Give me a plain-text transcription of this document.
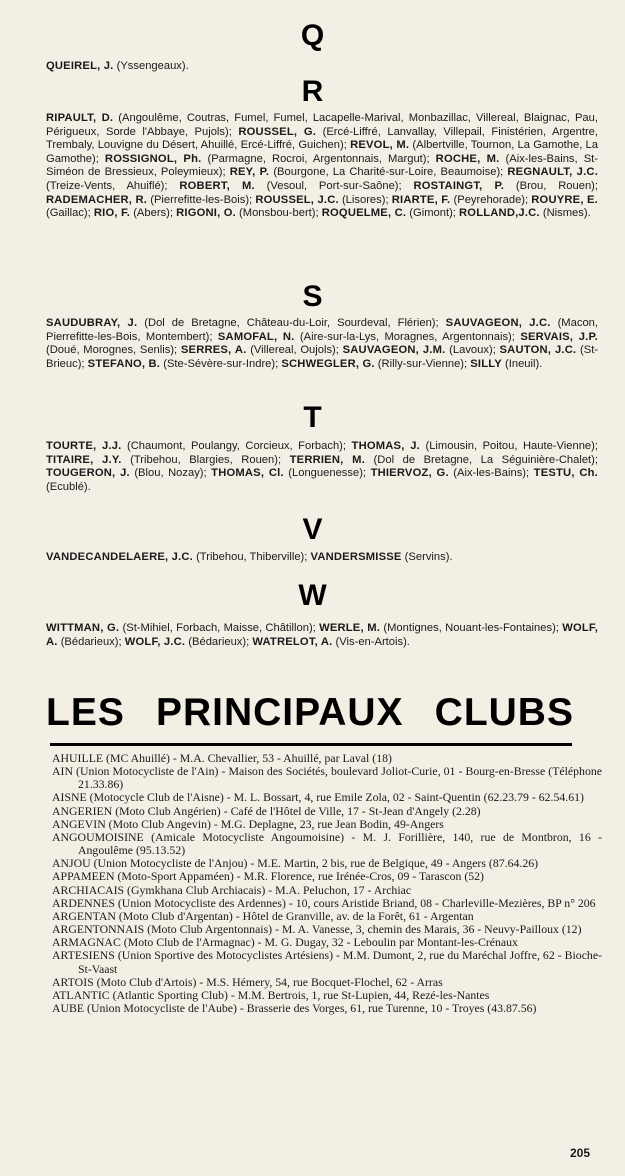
Q

QUEIREL, J. (Yssengeaux).

R

RIPAULT, D. (Angoulême, Coutras, Fumel, Fumel, Lacapelle-Marival, Monbazillac, Villereal, Blaignac, Pau, Périgueux, Sorde l'Abbaye, Pujols); ROUSSEL, G. (Ercé-Liffré, Lanvallay, Villepail, Finistérien, Argentre, Trembaly, Louvigne du Désert, Ahuillé, Ercé-Liffré, Guichen); REVOL, M. (Albertville, Tournon, La Gamothe, La Gamothe); ROSSIGNOL, Ph. (Parmagne, Rocroi, Argentonnais, Margut); ROCHE, M. (Aix-les-Bains, St-Siméon de Bressieux, Poleymieux); REY, P. (Bourgone, La Charité-sur-Loire, Beaumoise); REGNAULT, J.C. (Treize-Vents, Ahuiflé); ROBERT, M. (Vesoul, Port-sur-Saône); ROSTAINGT, P. (Brou, Rouen); RADEMACHER, R. (Pierrefitte-les-Bois); ROUSSEL, J.C. (Lisores); RIARTE, F. (Peyrehorade); ROUYRE, E. (Gaillac); RIO, F. (Abers); RIGONI, O. (Monsbou-bert); ROQUELME, C. (Gimont); ROLLAND,J.C. (Nismes).

S

SAUDUBRAY, J. (Dol de Bretagne, Château-du-Loir, Sourdeval, Flérien); SAUVAGEON, J.C. (Macon, Pierrefitte-les-Bois, Montembert); SAMOFAL, N. (Aire-sur-la-Lys, Moragnes, Argentonnais); SERVAIS, J.P. (Doué, Morognes, Senlis); SERRES, A. (Villereal, Oujols); SAUVAGEON, J.M. (Lavoux); SAUTON, J.C. (St-Brieuc); STEFANO, B. (Ste-Sévère-sur-Indre); SCHWEGLER, G. (Rilly-sur-Vienne); SILLY (Ineuil).

T

TOURTE, J.J. (Chaumont, Poulangy, Corcieux, Forbach); THOMAS, J. (Limousin, Poitou, Haute-Vienne); TITAIRE, J.Y. (Tribehou, Blargies, Rouen); TERRIEN, M. (Dol de Bretagne, La Séguinière-Chalet); TOUGERON, J. (Blou, Nozay); THOMAS, Cl. (Longuenesse); THIERVOZ, G. (Aix-les-Bains); TESTU, Ch. (Ecublé).

V

VANDECANDELAERE, J.C. (Tribehou, Thiberville); VANDERSMISSE (Servins).

W

WITTMAN, G. (St-Mihiel, Forbach, Maisse, Châtillon); WERLE, M. (Montignes, Nouant-les-Fontaines); WOLF, A. (Bédarieux); WOLF, J.C. (Bédarieux); WATRELOT, A. (Vis-en-Artois).

LES PRINCIPAUX CLUBS

AHUILLE (MC Ahuillé) - M.A. Chevallier, 53 - Ahuillé, par Laval (18)

AIN (Union Motocycliste de l'Ain) - Maison des Sociétés, boulevard Joliot-Curie, 01 - Bourg-en-Bresse (Téléphone 21.33.86)

AISNE (Motocycle Club de l'Aisne) - M. L. Bossart, 4, rue Emile Zola, 02 - Saint-Quentin (62.23.79 - 62.54.61)

ANGERIEN (Moto Club Angérien) - Café de l'Hôtel de Ville, 17 - St-Jean d'Angely (2.28)

ANGEVIN (Moto Club Angevin) - M.G. Deplagne, 23, rue Jean Bodin, 49-Angers

ANGOUMOISINE (Amicale Motocycliste Angoumoisine) - M. J. Forillière, 140, rue de Montbron, 16 - Angoulême (95.13.52)

ANJOU (Union Motocycliste de l'Anjou) - M.E. Martin, 2 bis, rue de Belgique, 49 - Angers (87.64.26)

APPAMEEN (Moto-Sport Appaméen) - M.R. Florence, rue Irénée-Cros, 09 - Tarascon (52)

ARCHIACAIS (Gymkhana Club Archiacais) - M.A. Peluchon, 17 - Archiac

ARDENNES (Union Motocycliste des Ardennes) - 10, cours Aristide Briand, 08 - Charleville-Mezières, BP n° 206

ARGENTAN (Moto Club d'Argentan) - Hôtel de Granville, av. de la Forêt, 61 - Argentan

ARGENTONNAIS (Moto Club Argentonnais) - M. A. Vanesse, 3, chemin des Marais, 36 - Neuvy-Pailloux (12)

ARMAGNAC (Moto Club de l'Armagnac) - M. G. Dugay, 32 - Leboulin par Montant-les-Crénaux

ARTESIENS (Union Sportive des Motocyclistes Artésiens) - M.M. Dumont, 2, rue du Maréchal Joffre, 62 - Bioche-St-Vaast

ARTOIS (Moto Club d'Artois) - M.S. Hémery, 54, rue Bocquet-Flochel, 62 - Arras

ATLANTIC (Atlantic Sporting Club) - M.M. Bertrois, 1, rue St-Lupien, 44, Rezé-les-Nantes

AUBE (Union Motocycliste de l'Aube) - Brasserie des Vorges, 61, rue Turenne, 10 - Troyes (43.87.56)

205
